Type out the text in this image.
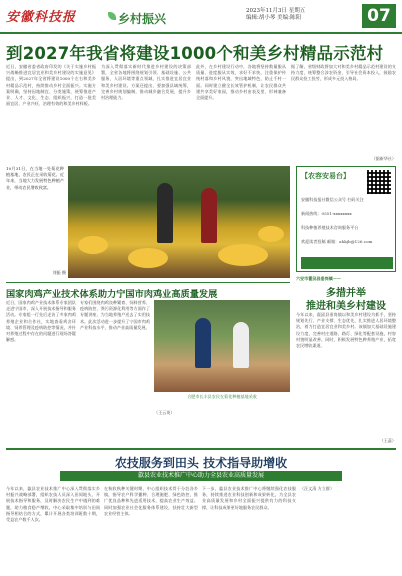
安徽科技报	乡村振兴
2023年11月3日 星期五
编辑:胡小琴 美编:陈阳	07
到2027年我省将建设1000个和美乡村精品示范村
近日，安徽省委省政府印发的《关于实施乡村振兴战略推进宜居宜业和美乡村建设的实施意见》提出，到2027年全省将建设1000个左右和美乡村精品示范村，持续推动乡村全面振兴。实施方案明确，坚持因地制宜、分类施策，统筹推进产业、人才、文化、生态、组织振兴，打造一批美丽宜居、产业兴旺、治理有效的和美乡村样板。
为深入贯彻落实新时代推进乡村建设的决策部署，全省各地将围绕规划引领、基础设施、公共服务、人居环境等重点领域，扎实推进宜居宜业和美乡村建设。方案还提出，要加强县域统筹，完善乡村规划编制，推动城乡融合发展，提升乡村治理能力。
此外，在乡村建设行动中，各地将坚持数量服从质量、进度服从实效，求好不求快，注重保护传统村落和乡村风貌，突出地域特色，防止千村一面。同时建立健全长效管护机制，让农民群众共建共享美好家园，推动乡村由表及里、形神兼备全面提升。
据了解，省级财政将加大对和美乡村精品示范村建设的支持力度，统筹整合涉农资金，引导社会资本投入，鼓励农民群众投工投劳，形成多元投入格局。
（据新华社）
10月31日，在当地一处菊花种植基地，农民正在采收菊花。近年来，当地大力发展特色种植产业，带动农民增收致富。
刘振 摄
【农容安易台】
安徽科技报社微信公众号 扫码关注
新闻热线：0551-xxxxxxxx
科技种植养殖技术咨询服务平台
欢迎读者投稿 邮箱：ahkjb@126.com
六安市霍邱县垂岗镇——
多措并举
推进和美乡村建设
今年以来，霍邱县垂岗镇以和美乡村建设为抓手，坚持规划先行、产业支撑、生态优先，扎实推进人居环境整治，着力打造宜居宜业和美乡村。该镇加大基础设施建设力度，完善村庄道路、路灯、绿化等配套设施，村容村貌明显改善。同时，积极发展特色种养殖产业，拓宽农民增收渠道。
（王蕊）
国家肉鸡产业技术体系助力宁国市肉鸡业高质量发展
近日，国家肉鸡产业技术体系专家团队走进宁国市，深入开展技术指导和服务活动。专家组一行先后走访了多家肉鸡养殖企业和合作社，实地查看鸡舍环境、饲养管理及疫病防控等情况，并针对养殖过程中存在的问题进行现场答疑解惑。
专家们围绕肉鸡良种繁育、饲料营养、疫病防控、粪污资源化利用等方面作了专题讲座，为当地养殖户送去了实用技术。此次活动进一步提升了宁国市肉鸡产业科技水平，推动产业高质量发展。
合肥市长丰县农民在菊花种植基地采收
（王云英）
农技服务到田头 技术指导助增收
歙县农业技术推广中心助力全县农业高质量发展
今年以来，歙县农业技术推广中心深入贯彻落实乡村振兴战略部署，组织农技人员深入田间地头，开展技术指导和服务，及时解决农民生产中遇到的难题，助力粮食稳产增收。中心采取集中培训与田间指导相结合的方式，累计开展各类培训班数十期，受益农户数千人次。
在秋收秋种关键时期，中心组织技术骨干分赴各乡镇，指导农户科学播种、合理施肥、绿色防控，推广优良品种和先进适用技术，提高农业生产效益。同时加强农业社会化服务体系建设，扶持壮大新型农业经营主体。
下一步，歙县农业技术推广中心将继续强化农技服务，持续推进农业科技创新和成果转化，为全县农业高质量发展和乡村全面振兴提供有力的科技支撑，让科技成果更好地服务农民群众。
（汪文清 方立群）
